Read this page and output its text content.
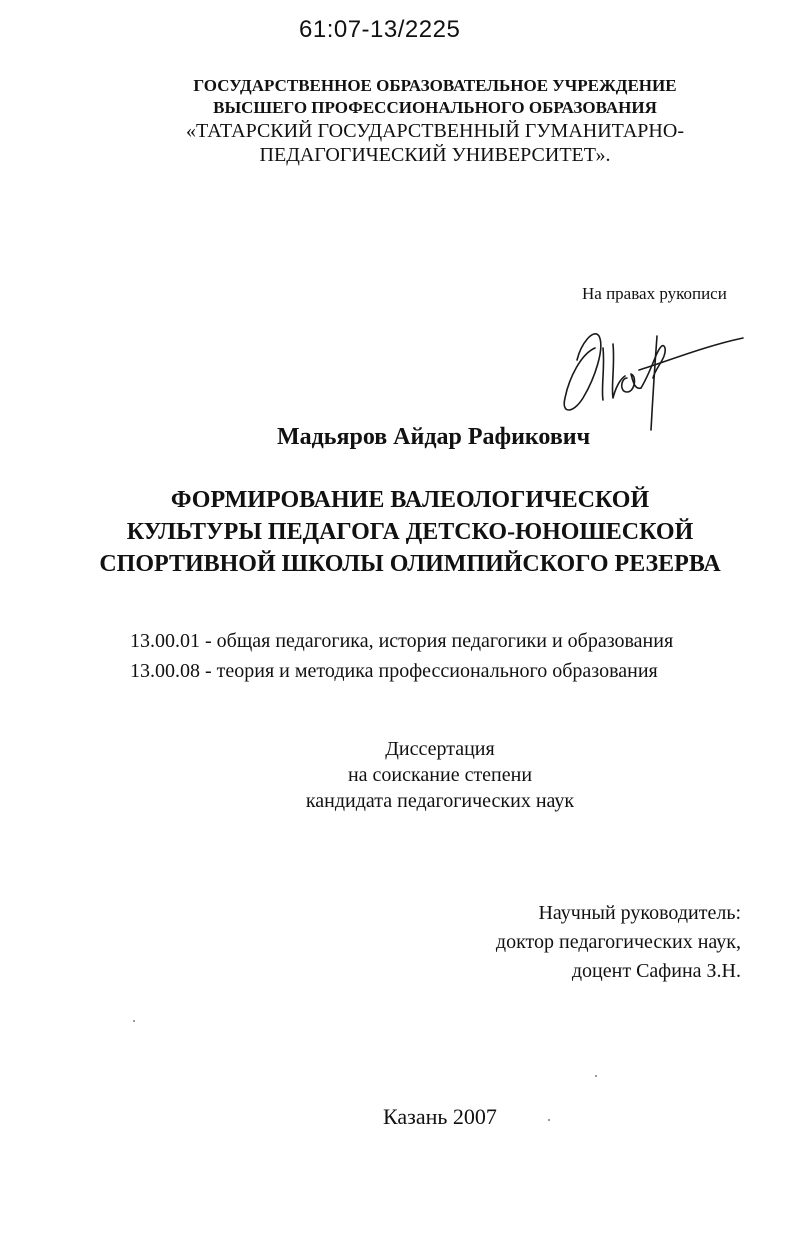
61:07-13/2225
ГОСУДАРСТВЕННОЕ ОБРАЗОВАТЕЛЬНОЕ УЧРЕЖДЕНИЕ
ВЫСШЕГО ПРОФЕССИОНАЛЬНОГО ОБРАЗОВАНИЯ
«ТАТАРСКИЙ ГОСУДАРСТВЕННЫЙ ГУМАНИТАРНО-
ПЕДАГОГИЧЕСКИЙ УНИВЕРСИТЕТ».
На правах рукописи
Мадьяров Айдар Рафикович
ФОРМИРОВАНИЕ ВАЛЕОЛОГИЧЕСКОЙ
КУЛЬТУРЫ ПЕДАГОГА ДЕТСКО-ЮНОШЕСКОЙ
СПОРТИВНОЙ ШКОЛЫ ОЛИМПИЙСКОГО РЕЗЕРВА
13.00.01 - общая педагогика, история педагогики и образования
13.00.08 - теория и методика профессионального образования
Диссертация
на соискание степени
кандидата педагогических наук
Научный руководитель:
доктор педагогических наук,
доцент Сафина З.Н.
Казань 2007
